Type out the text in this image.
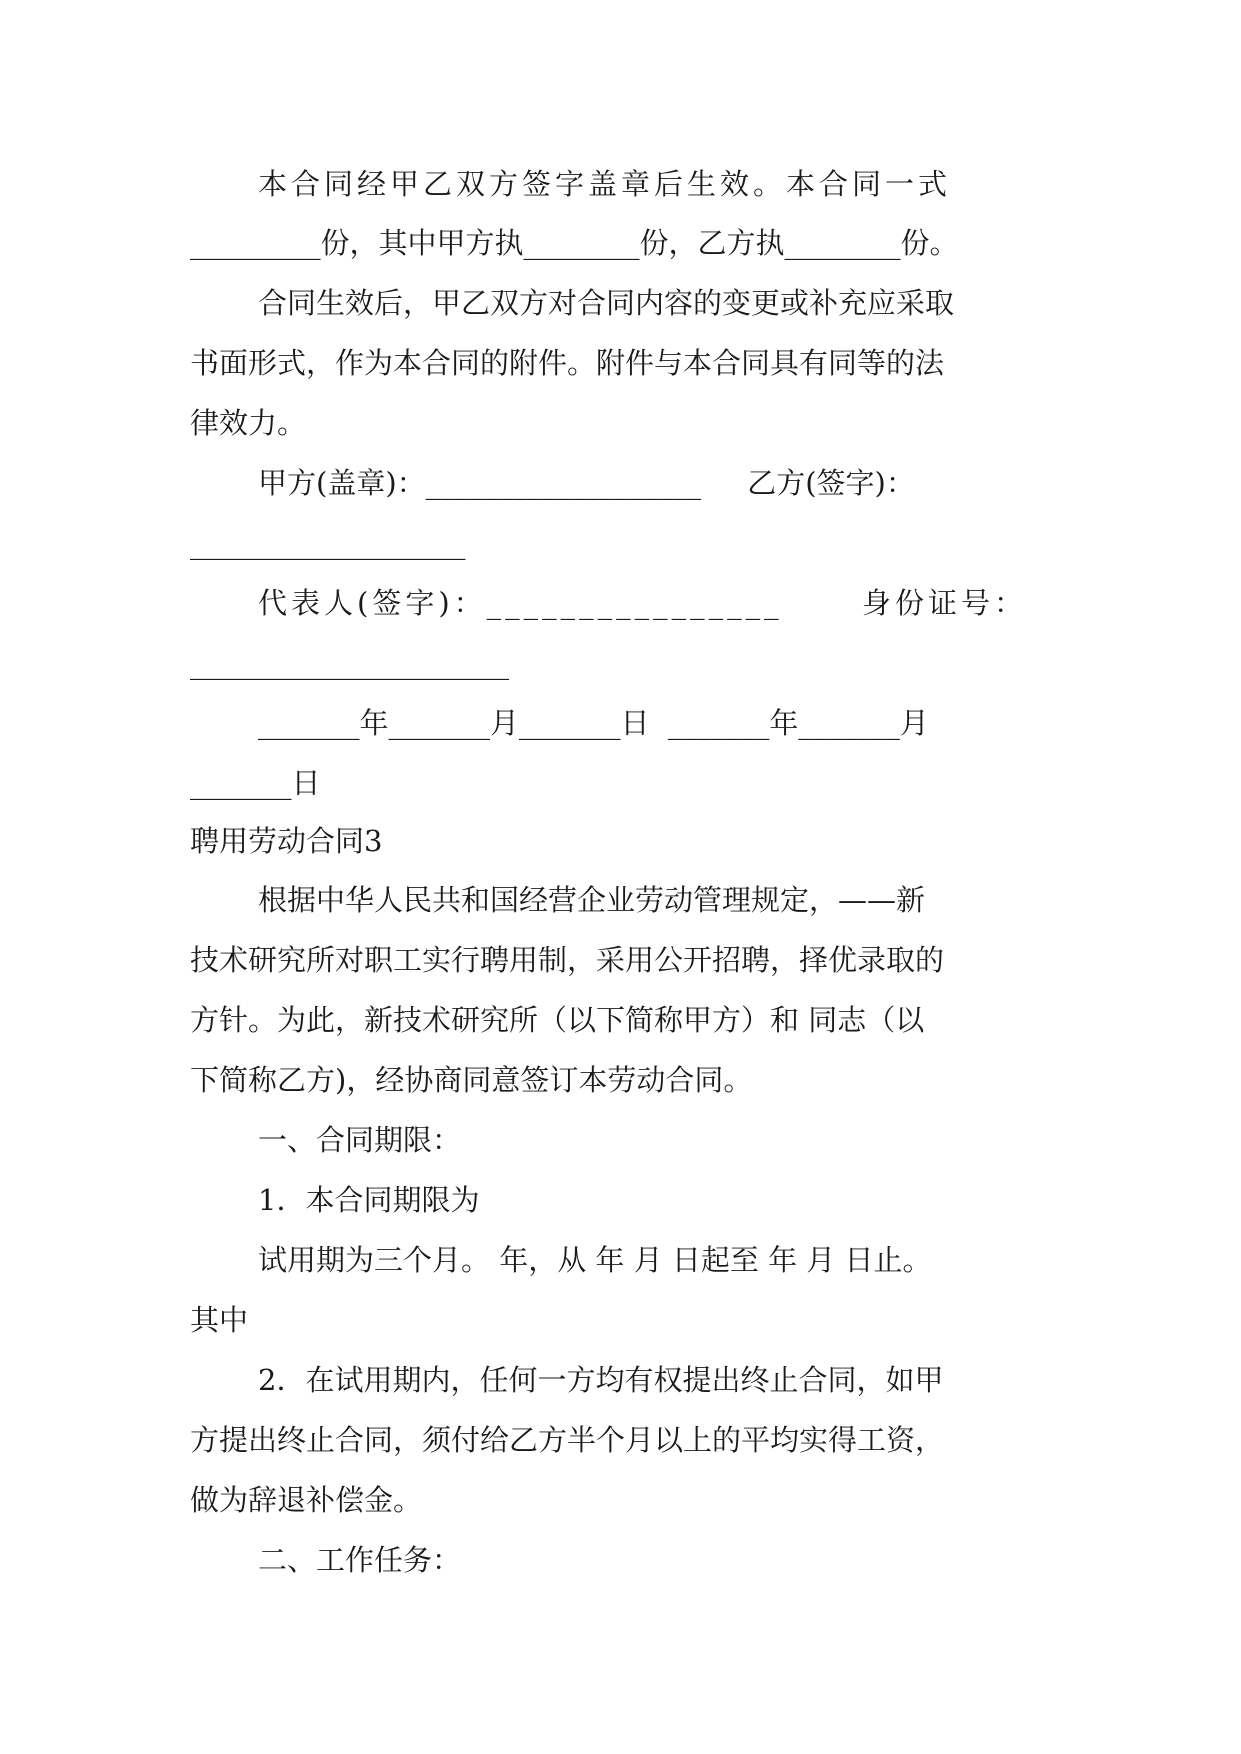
本合同经甲乙双方签字盖章后生效。本合同一式
_________份，其中甲方执________份，乙方执________份。
合同生效后，甲乙双方对合同内容的变更或补充应采取
书面形式，作为本合同的附件。附件与本合同具有同等的法
律效力。
甲方(盖章)：___________________     乙方(签字)：
___________________
代表人(签字)：________________      身份证号：
______________________
_______年_______月_______日  _______年_______月
_______日
聘用劳动合同3
根据中华人民共和国经营企业劳动管理规定，——新
技术研究所对职工实行聘用制，采用公开招聘，择优录取的
方针。为此，新技术研究所（以下简称甲方）和 同志（以
下简称乙方)，经协商同意签订本劳动合同。
一、合同期限：
1．本合同期限为
试用期为三个月。 年，从 年 月 日起至 年 月 日止。
其中
2．在试用期内，任何一方均有权提出终止合同，如甲
方提出终止合同，须付给乙方半个月以上的平均实得工资，
做为辞退补偿金。
二、工作任务：
